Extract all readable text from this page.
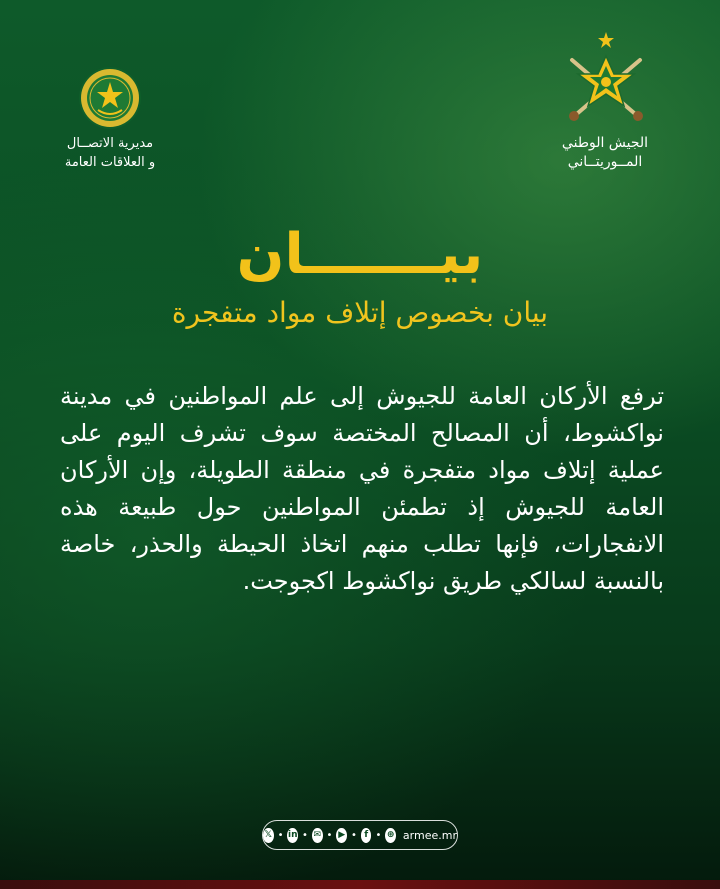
الجيش الوطني
المــوريتــاني
مديرية الاتصــال
و العلاقات العامة
بيـــــــان
بيان بخصوص إتلاف مواد متفجرة
ترفع الأركان العامة للجيوش إلى علم المواطنين في مدينة نواكشوط، أن المصالح المختصة سوف تشرف اليوم على عملية إتلاف مواد متفجرة في منطقة الطويلة، وإن الأركان العامة للجيوش إذ تطمئن المواطنين حول طبيعة هذه الانفجارات، فإنها تطلب منهم اتخاذ الحيطة والحذر، خاصة بالنسبة لسالكي طريق نواكشوط اكجوجت.
𝕏 • in • ✉ • ▶ • f • ⊕ armee.mr
